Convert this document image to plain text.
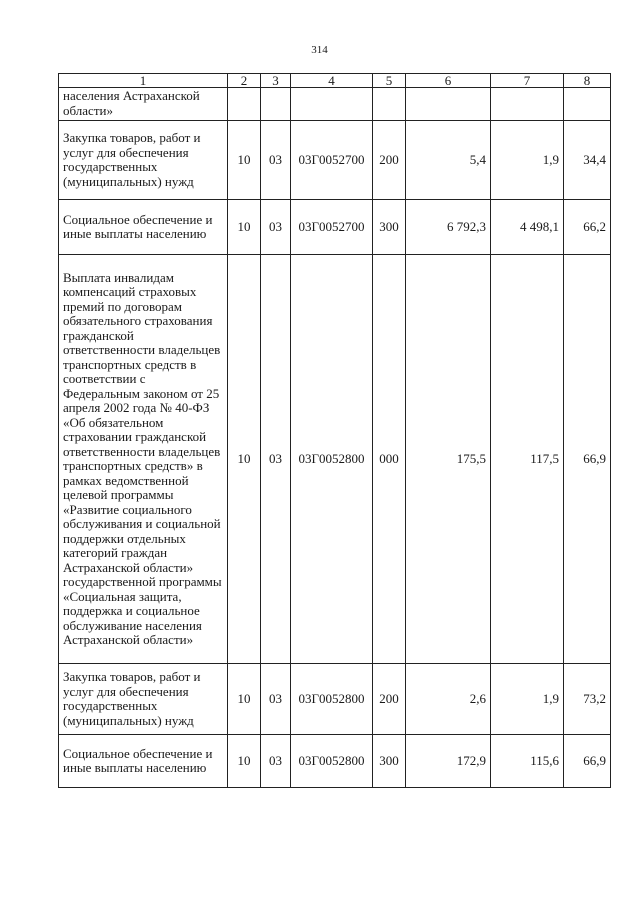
314
1	2	3	4	5	6	7	8
населения Астраханской области»							
Закупка товаров, работ и услуг для обеспечения государственных (муниципальных) нужд	10	03	03Г0052700	200	5,4	1,9	34,4
Социальное обеспечение и иные выплаты населению	10	03	03Г0052700	300	6 792,3	4 498,1	66,2
Выплата инвалидам компенсаций страховых премий по договорам обязательного страхования гражданской ответственности владельцев транспортных средств в соответствии с Федеральным законом от 25 апреля 2002 года № 40-ФЗ «Об обязательном страховании гражданской ответственности владельцев транспортных средств» в рамках ведомственной целевой программы «Развитие социального обслуживания и социальной поддержки отдельных категорий граждан Астраханской области» государственной программы «Социальная защита, поддержка и социальное обслуживание населения Астраханской области»	10	03	03Г0052800	000	175,5	117,5	66,9
Закупка товаров, работ и услуг для обеспечения государственных (муниципальных) нужд	10	03	03Г0052800	200	2,6	1,9	73,2
Социальное обеспечение и иные выплаты населению	10	03	03Г0052800	300	172,9	115,6	66,9
